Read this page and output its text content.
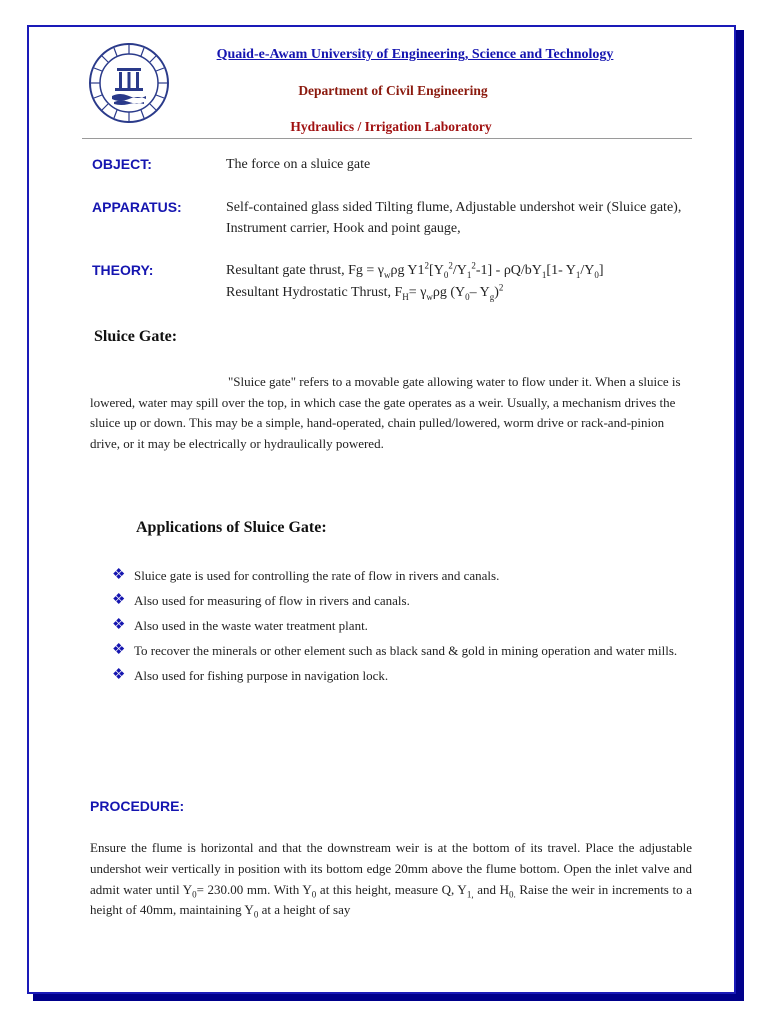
Quaid-e-Awam University of Engineering, Science and Technology
Department of Civil Engineering
Hydraulics / Irrigation Laboratory
OBJECT:	The force on a sluice gate
APPARATUS:	Self-contained glass sided Tilting flume, Adjustable undershot weir (Sluice gate), Instrument carrier, Hook and point gauge,
THEORY:	Resultant gate thrust, $Fg = \gamma_w\rho g$ $Y1^2[Y_0^2/Y_1^2-1] - \rho Q/bY_1[1-$ $Y_1/Y_0$]
Resultant Hydrostatic Thrust, $F_H= \gamma_w\rho g$ ($Y_0-$ $Y_g)^2$
Sluice Gate:
"Sluice gate" refers to a movable gate allowing water to flow under it. When a sluice is lowered, water may spill over the top, in which case the gate operates as a weir. Usually, a mechanism drives the sluice up or down. This may be a simple, hand-operated, chain pulled/lowered, worm drive or rack-and-pinion drive, or it may be electrically or hydraulically powered.
Applications of Sluice Gate:
❖ Sluice gate is used for controlling the rate of flow in rivers and canals.
❖ Also used for measuring of flow in rivers and canals.
❖ Also used in the waste water treatment plant.
❖ To recover the minerals or other element such as black sand & gold in mining operation and water mills.
❖ Also used for fishing purpose in navigation lock.
PROCEDURE:
Ensure the flume is horizontal and that the downstream weir is at the bottom of its travel. Place the adjustable undershot weir vertically in position with its bottom edge 20mm above the flume bottom. Open the inlet valve and admit water until $Y_0= 230.00$ mm. With $Y_0$ at this height, measure Q, $Y_{1,}$ and $H_{0.}$ Raise the weir in increments to a height of 40mm, maintaining $Y_0$ at a height of say
